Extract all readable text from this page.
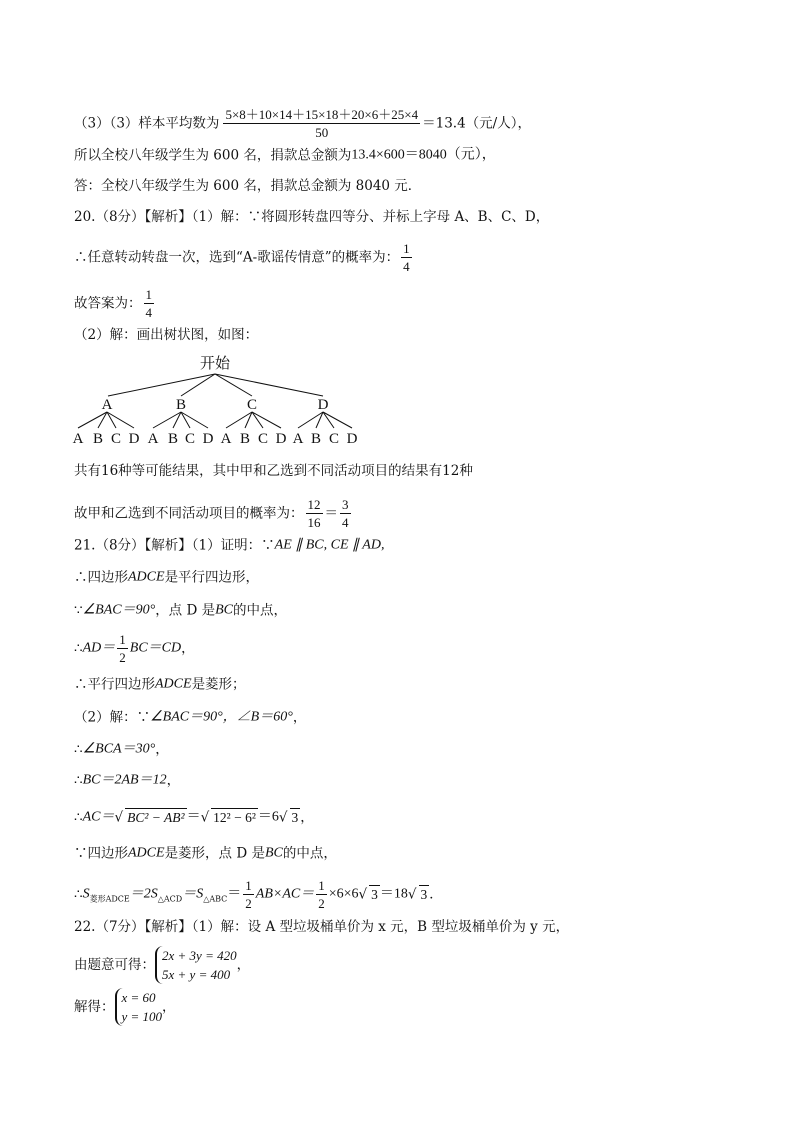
（3）（3）样本平均数为 $\frac{5\times 8+10\times 14+15\times 18+20\times 6+25\times 4}{50} =13.4$（元/人），
所以全校八年级学生为 600 名，捐款总金额为13.4×600＝8040（元），
答：全校八年级学生为 600 名，捐款总金额为 8040 元．
20.（8分）【解析】（1）解：∵将圆形转盘四等分、并标上字母 A、B、C、D，
∴任意转动转盘一次，选到“A-歌谣传情意”的概率为： $\frac{1}{4}$
故答案为： $\frac{1}{4}$
（2）解：画出树状图，如图：
开始
A	B	C	D
A B C D A B C D A B C D A B C D
共有16种等可能结果，其中甲和乙选到不同活动项目的结果有12种
故甲和乙选到不同活动项目的概率为： $\frac{12}{16} = \frac{3}{4}$
21.（8分）【解析】（1）证明：∵AE ∥ BC, CE ∥ AD,
∴四边形ADCE是平行四边形，
∵∠BAC＝90°，点 D 是BC的中点，
∴AD＝ $\frac{1}{2} BC=CD$，
∴平行四边形ADCE是菱形；
（2）解：∵∠BAC＝90°，∠B＝60°，
∴∠BCA＝30°，
∴BC＝2AB＝12，
∴AC＝√ BC² − AB² ＝√ 12² − 6² ＝6√ 3 ，
∵四边形ADCE是菱形，点 D 是BC的中点，
$\therefore S_{菱形ADCE}=2S_{\triangle ACD}=S_{\triangle ABC}= \frac{1}{2} AB\times AC= \frac{1}{2} \times 6\times 6√$ 3 ＝18√ 3 ．
22.（7分）【解析】（1）解：设 A 型垃圾桶单价为 x 元，B 型垃圾桶单价为 y 元，
由题意可得：
2x + 3y = 420
5x + y = 400
，
解得：
x = 60
y = 100
，
